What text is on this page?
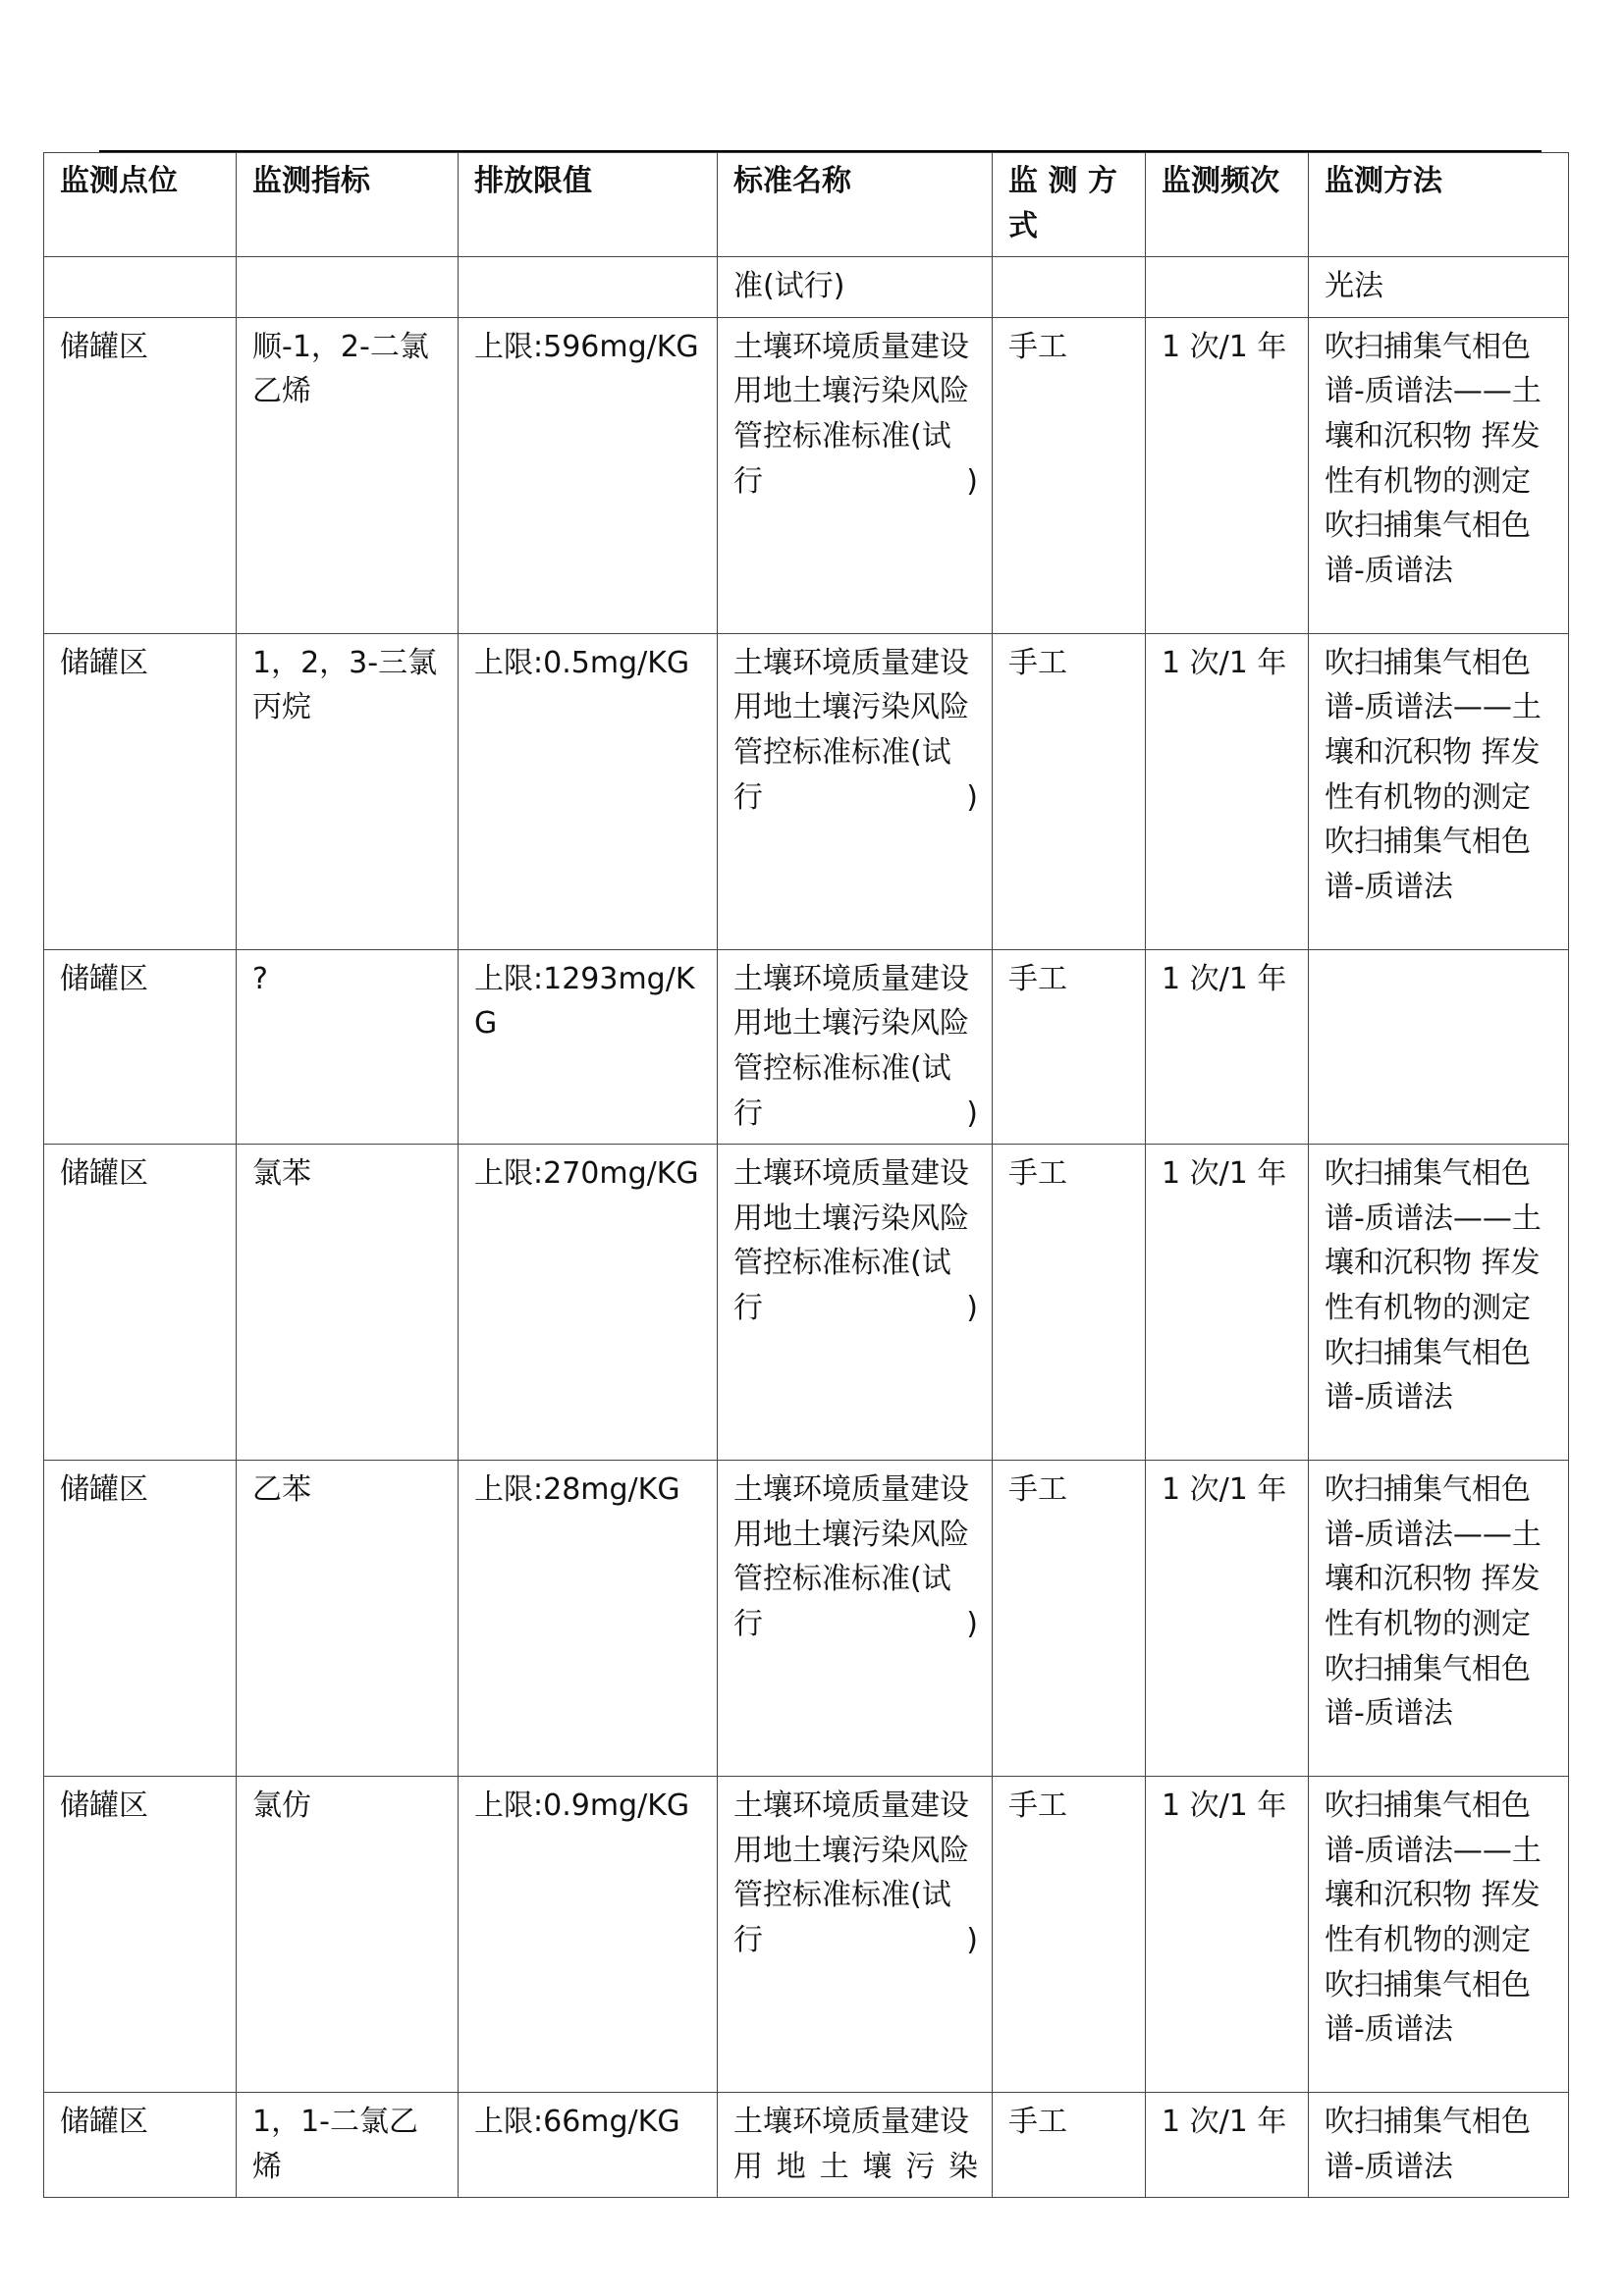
监测点位	监测指标	排放限值	标准名称	监 测 方 式	监测频次	监测方法
			准(试行)			光法
储罐区	顺-1，2-二氯乙烯	上限:596mg/KG	土壤环境质量建设用地土壤污染风险管控标准标准(试行)	手工	1 次/1 年	吹扫捕集气相色谱-质谱法——土壤和沉积物 挥发性有机物的测定 吹扫捕集气相色谱-质谱法
储罐区	1，2，3-三氯丙烷	上限:0.5mg/KG	土壤环境质量建设用地土壤污染风险管控标准标准(试行)	手工	1 次/1 年	吹扫捕集气相色谱-质谱法——土壤和沉积物 挥发性有机物的测定 吹扫捕集气相色谱-质谱法
储罐区	?	上限:1293mg/KG	土壤环境质量建设用地土壤污染风险管控标准标准(试行)	手工	1 次/1 年	
储罐区	氯苯	上限:270mg/KG	土壤环境质量建设用地土壤污染风险管控标准标准(试行)	手工	1 次/1 年	吹扫捕集气相色谱-质谱法——土壤和沉积物 挥发性有机物的测定 吹扫捕集气相色谱-质谱法
储罐区	乙苯	上限:28mg/KG	土壤环境质量建设用地土壤污染风险管控标准标准(试行)	手工	1 次/1 年	吹扫捕集气相色谱-质谱法——土壤和沉积物 挥发性有机物的测定 吹扫捕集气相色谱-质谱法
储罐区	氯仿	上限:0.9mg/KG	土壤环境质量建设用地土壤污染风险管控标准标准(试行)	手工	1 次/1 年	吹扫捕集气相色谱-质谱法——土壤和沉积物 挥发性有机物的测定 吹扫捕集气相色谱-质谱法
储罐区	1，1-二氯乙烯	上限:66mg/KG	土壤环境质量建设用地土壤污染	手工	1 次/1 年	吹扫捕集气相色谱-质谱法
